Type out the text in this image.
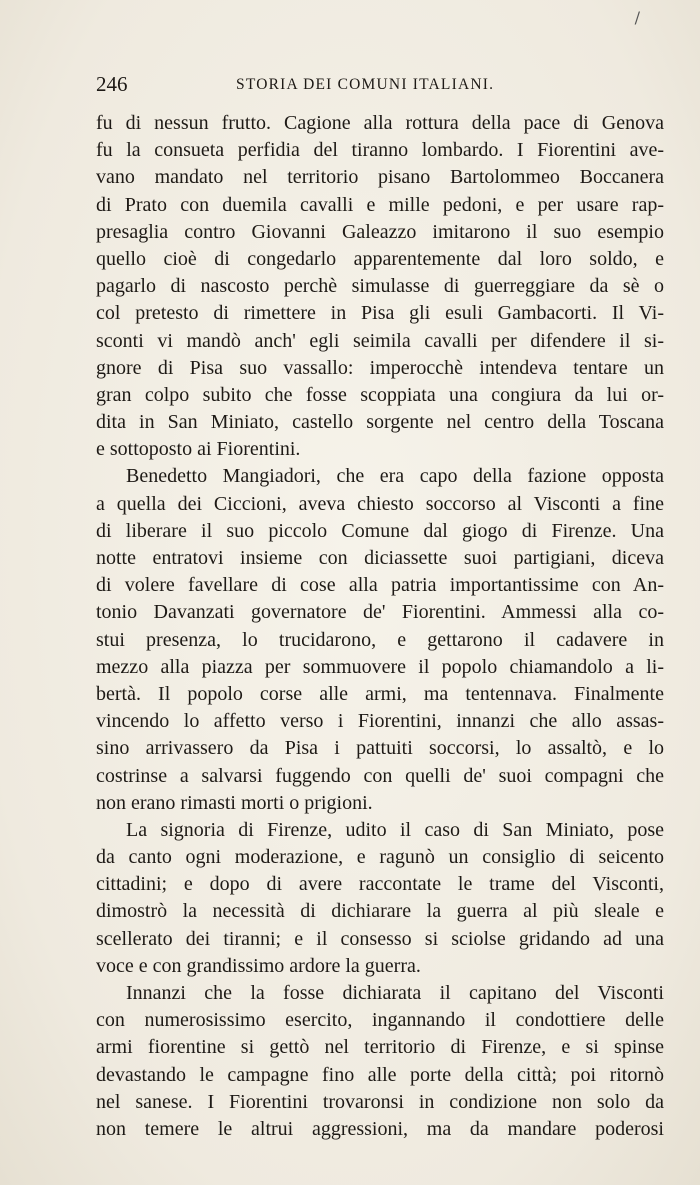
/
246	STORIA DEI COMUNI ITALIANI.
fu di nessun frutto. Cagione alla rottura della pace di Genova
fu la consueta perfidia del tiranno lombardo. I Fiorentini ave-
vano mandato nel territorio pisano Bartolommeo Boccanera
di Prato con duemila cavalli e mille pedoni, e per usare rap-
presaglia contro Giovanni Galeazzo imitarono il suo esempio
quello cioè di congedarlo apparentemente dal loro soldo, e
pagarlo di nascosto perchè simulasse di guerreggiare da sè o
col pretesto di rimettere in Pisa gli esuli Gambacorti. Il Vi-
sconti vi mandò anch' egli seimila cavalli per difendere il si-
gnore di Pisa suo vassallo: imperocchè intendeva tentare un
gran colpo subito che fosse scoppiata una congiura da lui or-
dita in San Miniato, castello sorgente nel centro della Toscana
e sottoposto ai Fiorentini.
Benedetto Mangiadori, che era capo della fazione opposta
a quella dei Ciccioni, aveva chiesto soccorso al Visconti a fine
di liberare il suo piccolo Comune dal giogo di Firenze. Una
notte entratovi insieme con diciassette suoi partigiani, diceva
di volere favellare di cose alla patria importantissime con An-
tonio Davanzati governatore de' Fiorentini. Ammessi alla co-
stui presenza, lo trucidarono, e gettarono il cadavere in
mezzo alla piazza per sommuovere il popolo chiamandolo a li-
bertà. Il popolo corse alle armi, ma tentennava. Finalmente
vincendo lo affetto verso i Fiorentini, innanzi che allo assas-
sino arrivassero da Pisa i pattuiti soccorsi, lo assaltò, e lo
costrinse a salvarsi fuggendo con quelli de' suoi compagni che
non erano rimasti morti o prigioni.
La signoria di Firenze, udito il caso di San Miniato, pose
da canto ogni moderazione, e ragunò un consiglio di seicento
cittadini; e dopo di avere raccontate le trame del Visconti,
dimostrò la necessità di dichiarare la guerra al più sleale e
scellerato dei tiranni; e il consesso si sciolse gridando ad una
voce e con grandissimo ardore la guerra.
Innanzi che la fosse dichiarata il capitano del Visconti
con numerosissimo esercito, ingannando il condottiere delle
armi fiorentine si gettò nel territorio di Firenze, e si spinse
devastando le campagne fino alle porte della città; poi ritornò
nel sanese. I Fiorentini trovaronsi in condizione non solo da
non temere le altrui aggressioni, ma da mandare poderosi
